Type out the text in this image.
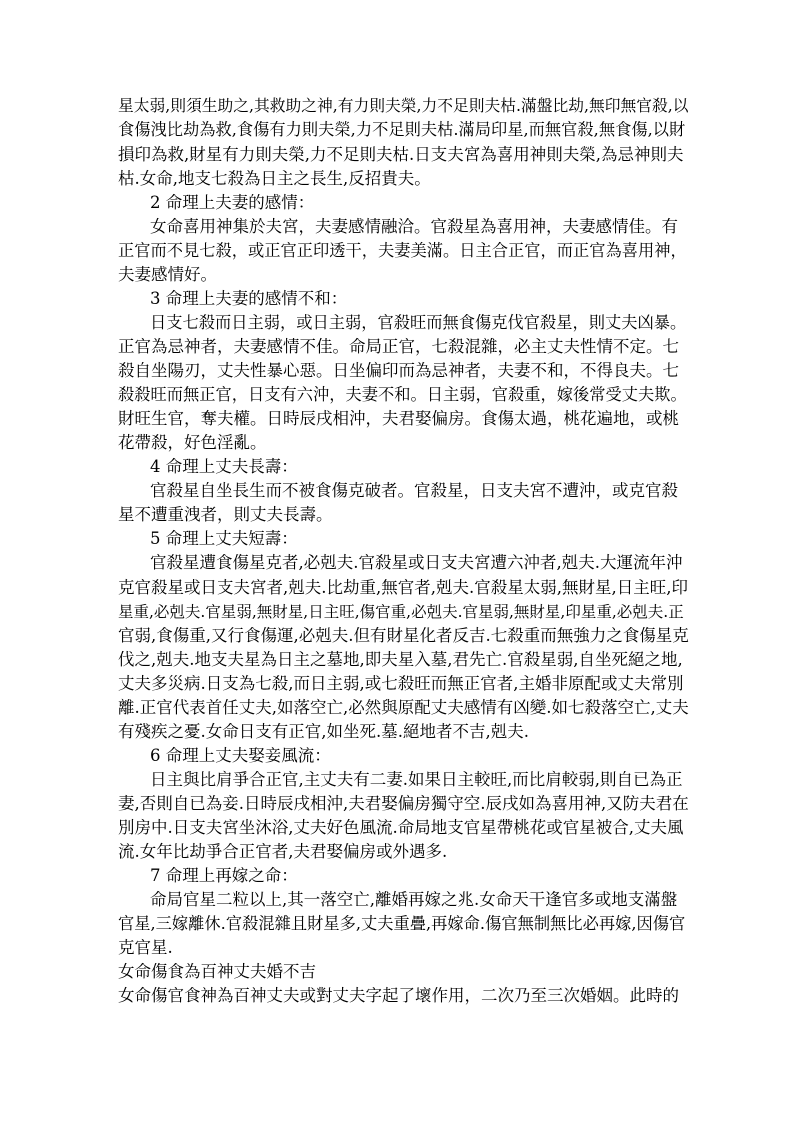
星太弱,則須生助之,其救助之神,有力則夫榮,力不足則夫枯.滿盤比劫,無印無官殺,以
食傷洩比劫為救,食傷有力則夫榮,力不足則夫枯.滿局印星,而無官殺,無食傷,以財
損印為救,財星有力則夫榮,力不足則夫枯.日支夫宮為喜用神則夫榮,為忌神則夫
枯.女命,地支七殺為日主之長生,反招貴夫。
2 命理上夫妻的感情：
女命喜用神集於夫宮，夫妻感情融洽。官殺星為喜用神，夫妻感情佳。有
正官而不見七殺，或正官正印透干，夫妻美滿。日主合正官，而正官為喜用神，
夫妻感情好。
3 命理上夫妻的感情不和：
日支七殺而日主弱，或日主弱，官殺旺而無食傷克伐官殺星，則丈夫凶暴。
正官為忌神者，夫妻感情不佳。命局正官，七殺混雜，必主丈夫性情不定。七
殺自坐陽刃，丈夫性暴心惡。日坐偏印而為忌神者，夫妻不和，不得良夫。七
殺殺旺而無正官，日支有六沖，夫妻不和。日主弱，官殺重，嫁後常受丈夫欺。
財旺生官，奪夫權。日時辰戌相沖，夫君娶偏房。食傷太過，桃花遍地，或桃
花帶殺，好色淫亂。
4 命理上丈夫長壽：
官殺星自坐長生而不被食傷克破者。官殺星，日支夫宮不遭沖，或克官殺
星不遭重洩者，則丈夫長壽。
5 命理上丈夫短壽：
官殺星遭食傷星克者,必剋夫.官殺星或日支夫宮遭六沖者,剋夫.大運流年沖
克官殺星或日支夫宮者,剋夫.比劫重,無官者,剋夫.官殺星太弱,無財星,日主旺,印
星重,必剋夫.官星弱,無財星,日主旺,傷官重,必剋夫.官星弱,無財星,印星重,必剋夫.正
官弱,食傷重,又行食傷運,必剋夫.但有財星化者反吉.七殺重而無強力之食傷星克
伐之,剋夫.地支夫星為日主之墓地,即夫星入墓,君先亡.官殺星弱,自坐死絕之地,
丈夫多災病.日支為七殺,而日主弱,或七殺旺而無正官者,主婚非原配或丈夫常別
離.正官代表首任丈夫,如落空亡,必然與原配丈夫感情有凶變.如七殺落空亡,丈夫
有殘疾之憂.女命日支有正官,如坐死.墓.絕地者不吉,剋夫.
6 命理上丈夫娶妾風流：
日主與比肩爭合正官,主丈夫有二妻.如果日主較旺,而比肩較弱,則自已為正
妻,否則自已為妾.日時辰戌相沖,夫君娶偏房獨守空.辰戌如為喜用神,又防夫君在
別房中.日支夫宮坐沐浴,丈夫好色風流.命局地支官星帶桃花或官星被合,丈夫風
流.女年比劫爭合正官者,夫君娶偏房或外遇多.
7 命理上再嫁之命：
命局官星二粒以上,其一落空亡,離婚再嫁之兆.女命天干逢官多或地支滿盤
官星,三嫁離休.官殺混雜且財星多,丈夫重疊,再嫁命.傷官無制無比必再嫁,因傷官
克官星.
女命傷食為百神丈夫婚不吉
女命傷官食神為百神丈夫或對丈夫字起了壞作用，二次乃至三次婚姻。此時的
